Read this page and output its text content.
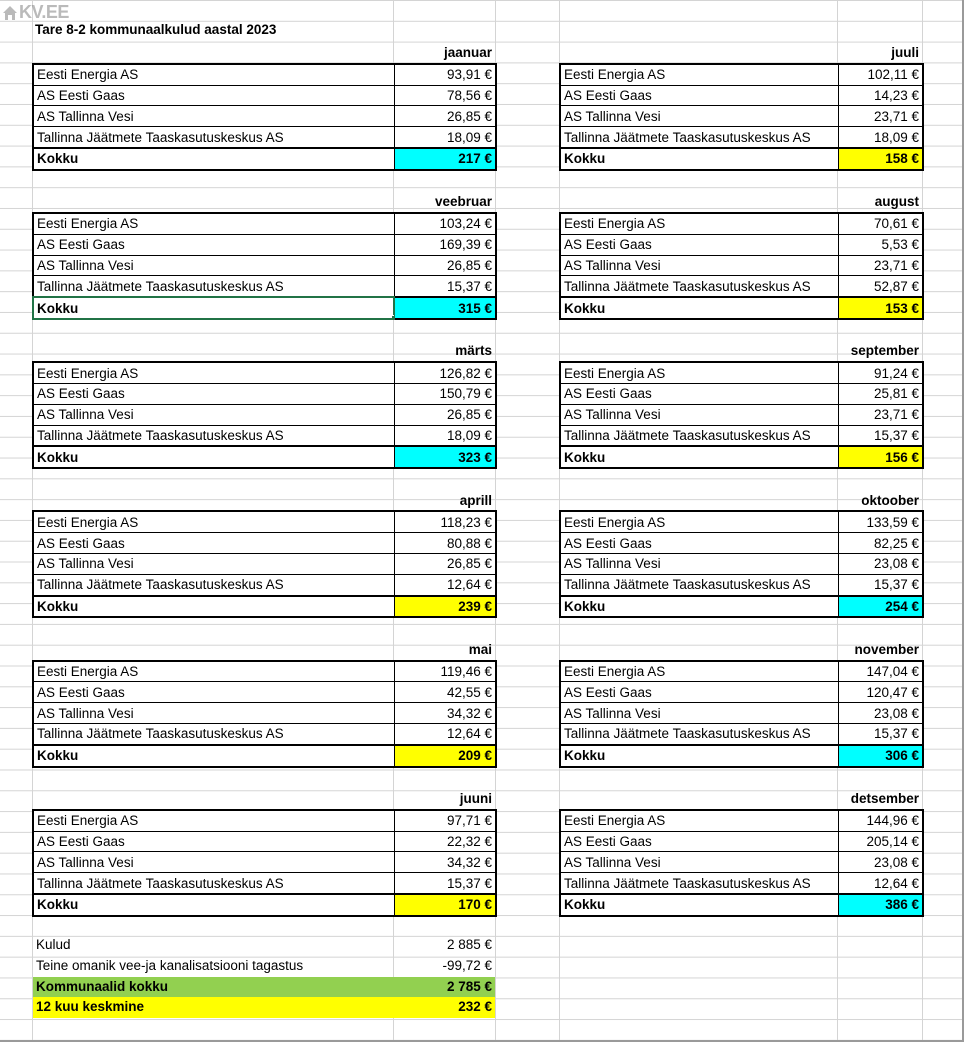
KV.EE
Tare 8-2 kommunaalkulud aastal 2023
jaanuar
Eesti Energia AS	93,91 €
AS Eesti Gaas	78,56 €
AS Tallinna Vesi	26,85 €
Tallinna Jäätmete Taaskasutuskeskus AS	18,09 €
Kokku	217 €
veebruar
Eesti Energia AS	103,24 €
AS Eesti Gaas	169,39 €
AS Tallinna Vesi	26,85 €
Tallinna Jäätmete Taaskasutuskeskus AS	15,37 €
Kokku	315 €
märts
Eesti Energia AS	126,82 €
AS Eesti Gaas	150,79 €
AS Tallinna Vesi	26,85 €
Tallinna Jäätmete Taaskasutuskeskus AS	18,09 €
Kokku	323 €
aprill
Eesti Energia AS	118,23 €
AS Eesti Gaas	80,88 €
AS Tallinna Vesi	26,85 €
Tallinna Jäätmete Taaskasutuskeskus AS	12,64 €
Kokku	239 €
mai
Eesti Energia AS	119,46 €
AS Eesti Gaas	42,55 €
AS Tallinna Vesi	34,32 €
Tallinna Jäätmete Taaskasutuskeskus AS	12,64 €
Kokku	209 €
juuni
Eesti Energia AS	97,71 €
AS Eesti Gaas	22,32 €
AS Tallinna Vesi	34,32 €
Tallinna Jäätmete Taaskasutuskeskus AS	15,37 €
Kokku	170 €
juuli
Eesti Energia AS	102,11 €
AS Eesti Gaas	14,23 €
AS Tallinna Vesi	23,71 €
Tallinna Jäätmete Taaskasutuskeskus AS	18,09 €
Kokku	158 €
august
Eesti Energia AS	70,61 €
AS Eesti Gaas	5,53 €
AS Tallinna Vesi	23,71 €
Tallinna Jäätmete Taaskasutuskeskus AS	52,87 €
Kokku	153 €
september
Eesti Energia AS	91,24 €
AS Eesti Gaas	25,81 €
AS Tallinna Vesi	23,71 €
Tallinna Jäätmete Taaskasutuskeskus AS	15,37 €
Kokku	156 €
oktoober
Eesti Energia AS	133,59 €
AS Eesti Gaas	82,25 €
AS Tallinna Vesi	23,08 €
Tallinna Jäätmete Taaskasutuskeskus AS	15,37 €
Kokku	254 €
november
Eesti Energia AS	147,04 €
AS Eesti Gaas	120,47 €
AS Tallinna Vesi	23,08 €
Tallinna Jäätmete Taaskasutuskeskus AS	15,37 €
Kokku	306 €
detsember
Eesti Energia AS	144,96 €
AS Eesti Gaas	205,14 €
AS Tallinna Vesi	23,08 €
Tallinna Jäätmete Taaskasutuskeskus AS	12,64 €
Kokku	386 €
Kulud	2 885 €
Teine omanik vee-ja kanalisatsiooni tagastus	-99,72 €
Kommunaalid kokku	2 785 €
12 kuu keskmine	232 €
